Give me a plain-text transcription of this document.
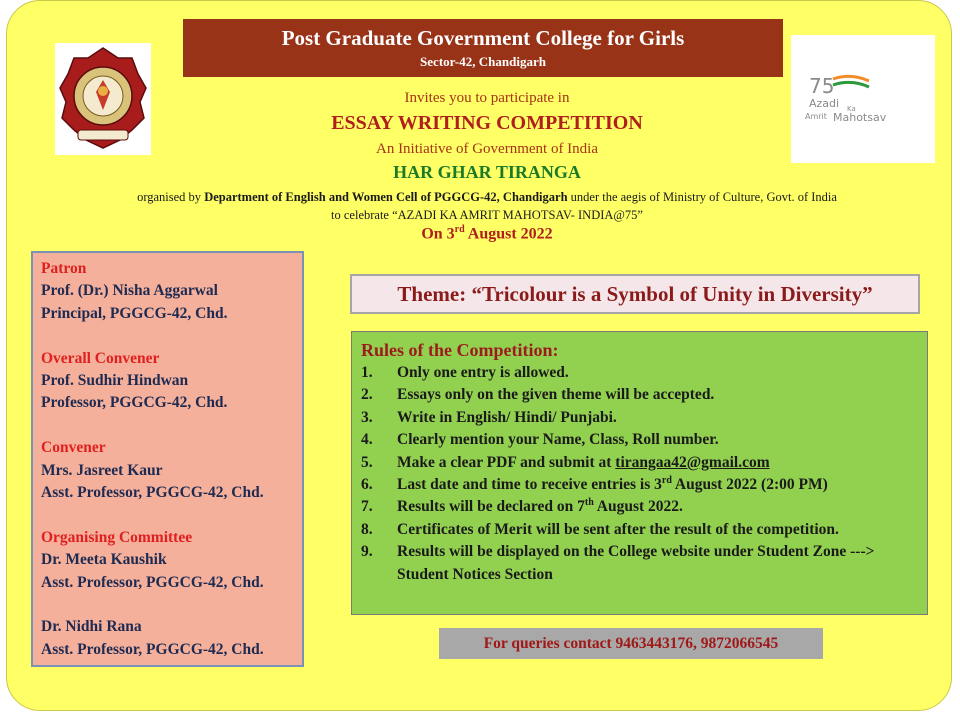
75
Azadi Ka
Amrit Mahotsav
Post Graduate Government College for Girls
Sector-42, Chandigarh
Invites you to participate in
ESSAY WRITING COMPETITION
An Initiative of Government of India
HAR GHAR TIRANGA
organised by Department of English and Women Cell of PGGCG-42, Chandigarh under the aegis of Ministry of Culture, Govt. of India to celebrate “AZADI KA AMRIT MAHOTSAV- INDIA@75”
On 3rd August 2022
Patron
Prof. (Dr.) Nisha Aggarwal
Principal, PGGCG-42, Chd.
Overall Convener
Prof. Sudhir Hindwan
Professor, PGGCG-42, Chd.
Convener
Mrs. Jasreet Kaur
Asst. Professor, PGGCG-42, Chd.
Organising Committee
Dr. Meeta Kaushik
Asst. Professor, PGGCG-42, Chd.
Dr. Nidhi Rana
Asst. Professor, PGGCG-42, Chd.
Theme: “Tricolour is a Symbol of Unity in Diversity”
Rules of the Competition:
1.	Only one entry is allowed.
2.	Essays only on the given theme will be accepted.
3.	Write in English/ Hindi/ Punjabi.
4.	Clearly mention your Name, Class, Roll number.
5.	Make a clear PDF and submit at tirangaa42@gmail.com
6.	Last date and time to receive entries is 3rd August 2022 (2:00 PM)
7.	Results will be declared on 7th August 2022.
8.	Certificates of Merit will be sent after the result of the competition.
9.	Results will be displayed on the College website under Student Zone ---> Student Notices Section
For queries contact 9463443176, 9872066545
